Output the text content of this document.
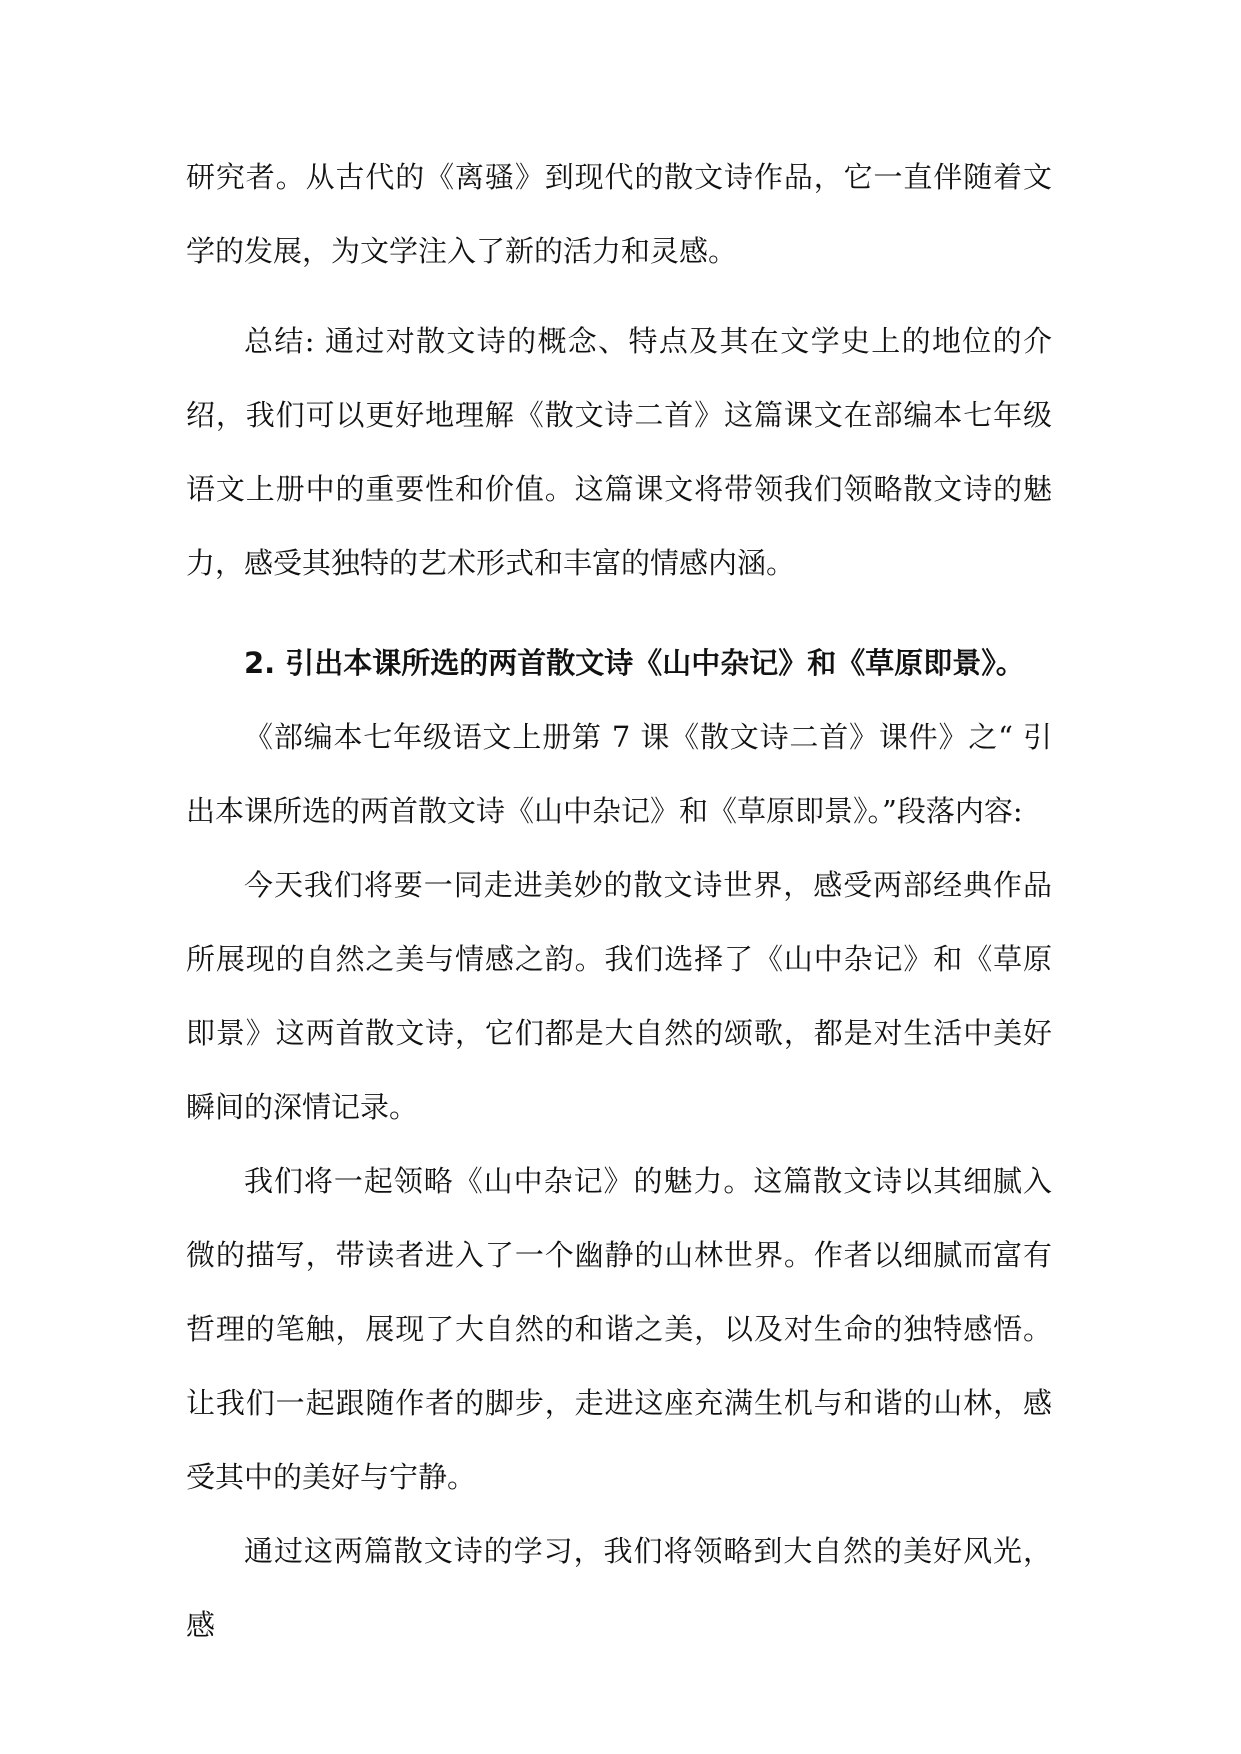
研究者。从古代的《离骚》到现代的散文诗作品，它一直伴随着文学的发展，为文学注入了新的活力和灵感。

总结: 通过对散文诗的概念、特点及其在文学史上的地位的介绍，我们可以更好地理解《散文诗二首》这篇课文在部编本七年级语文上册中的重要性和价值。这篇课文将带领我们领略散文诗的魅力，感受其独特的艺术形式和丰富的情感内涵。

2. 引出本课所选的两首散文诗《山中杂记》和《草原即景》。

《部编本七年级语文上册第 7 课《散文诗二首》课件》之“ 引出本课所选的两首散文诗《山中杂记》和《草原即景》。”段落内容:

今天我们将要一同走进美妙的散文诗世界，感受两部经典作品所展现的自然之美与情感之韵。我们选择了《山中杂记》和《草原即景》这两首散文诗，它们都是大自然的颂歌，都是对生活中美好瞬间的深情记录。

我们将一起领略《山中杂记》的魅力。这篇散文诗以其细腻入微的描写，带读者进入了一个幽静的山林世界。作者以细腻而富有哲理的笔触，展现了大自然的和谐之美，以及对生命的独特感悟。让我们一起跟随作者的脚步，走进这座充满生机与和谐的山林，感受其中的美好与宁静。

通过这两篇散文诗的学习，我们将领略到大自然的美好风光，感
